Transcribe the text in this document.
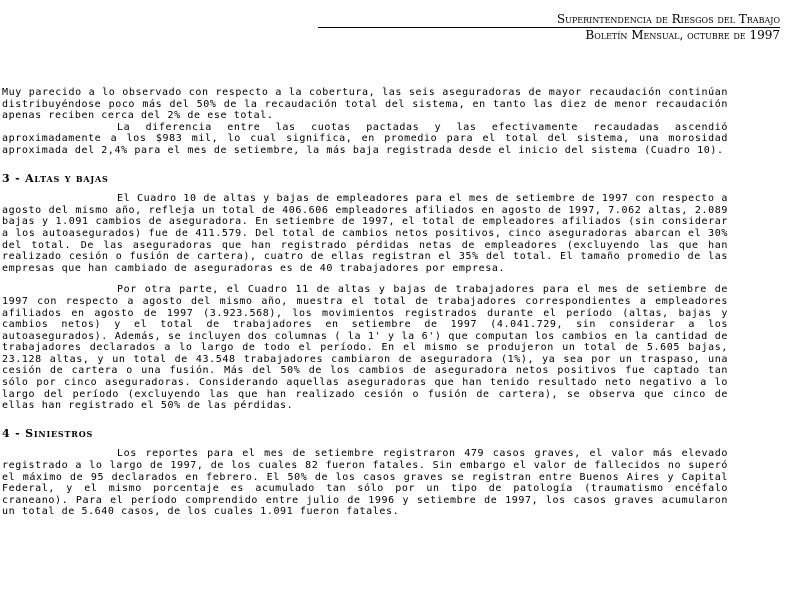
Superintendencia de Riesgos del Trabajo
Boletín Mensual, octubre de 1997

Muy parecido a lo observado con respecto a la cobertura, las seis aseguradoras de mayor recaudación continúan distribuyéndose poco más del 50% de la recaudación total del sistema, en tanto las diez de menor recaudación apenas reciben cerca del 2% de ese total.

La diferencia entre las cuotas pactadas y las efectivamente recaudadas ascendió aproximadamente a los $983 mil, lo cual significa, en promedio para el total del sistema, una morosidad aproximada del 2,4% para el mes de setiembre, la más baja registrada desde el inicio del sistema (Cuadro 10).

3 - Altas y bajas

El Cuadro 10 de altas y bajas de empleadores para el mes de setiembre de 1997 con respecto a agosto del mismo año, refleja un total de 406.606 empleadores afiliados en agosto de 1997, 7.062 altas, 2.089 bajas y 1.091 cambios de aseguradora. En setiembre de 1997, el total de empleadores afiliados (sin considerar a los autoasegurados) fue de 411.579. Del total de cambios netos positivos, cinco aseguradoras abarcan el 30% del total. De las aseguradoras que han registrado pérdidas netas de empleadores (excluyendo las que han realizado cesión o fusión de cartera), cuatro de ellas registran el 35% del total. El tamaño promedio de las empresas que han cambiado de aseguradoras es de 40 trabajadores por empresa.

Por otra parte, el Cuadro 11 de altas y bajas de trabajadores para el mes de setiembre de 1997 con respecto a agosto del mismo año, muestra el total de trabajadores correspondientes a empleadores afiliados en agosto de 1997 (3.923.568), los movimientos registrados durante el período (altas, bajas y cambios netos) y el total de trabajadores en setiembre de 1997 (4.041.729, sin considerar a los autoasegurados). Además, se incluyen dos columnas ( la 1' y la 6') que computan los cambios en la cantidad de trabajadores declarados a lo largo de todo el período. En el mismo se produjeron un total de 5.605 bajas, 23.128 altas, y un total de 43.548 trabajadores cambiaron de aseguradora (1%), ya sea por un traspaso, una cesión de cartera o una fusión. Más del 50% de los cambios de aseguradora netos positivos fue captado tan sólo por cinco aseguradoras. Considerando aquellas aseguradoras que han tenido resultado neto negativo a lo largo del período (excluyendo las que han realizado cesión o fusión de cartera), se observa que cinco de ellas han registrado el 50% de las pérdidas.

4 - Siniestros

Los reportes para el mes de setiembre registraron 479 casos graves, el valor más elevado registrado a lo largo de 1997, de los cuales 82 fueron fatales. Sin embargo el valor de fallecidos no superó el máximo de 95 declarados en febrero. El 50% de los casos graves se registran entre Buenos Aires y Capital Federal, y el mismo porcentaje es acumulado tan sólo por un tipo de patología (traumatismo encéfalo craneano). Para el período comprendido entre julio de 1996 y setiembre de 1997, los casos graves acumularon un total de 5.640 casos, de los cuales 1.091 fueron fatales.
